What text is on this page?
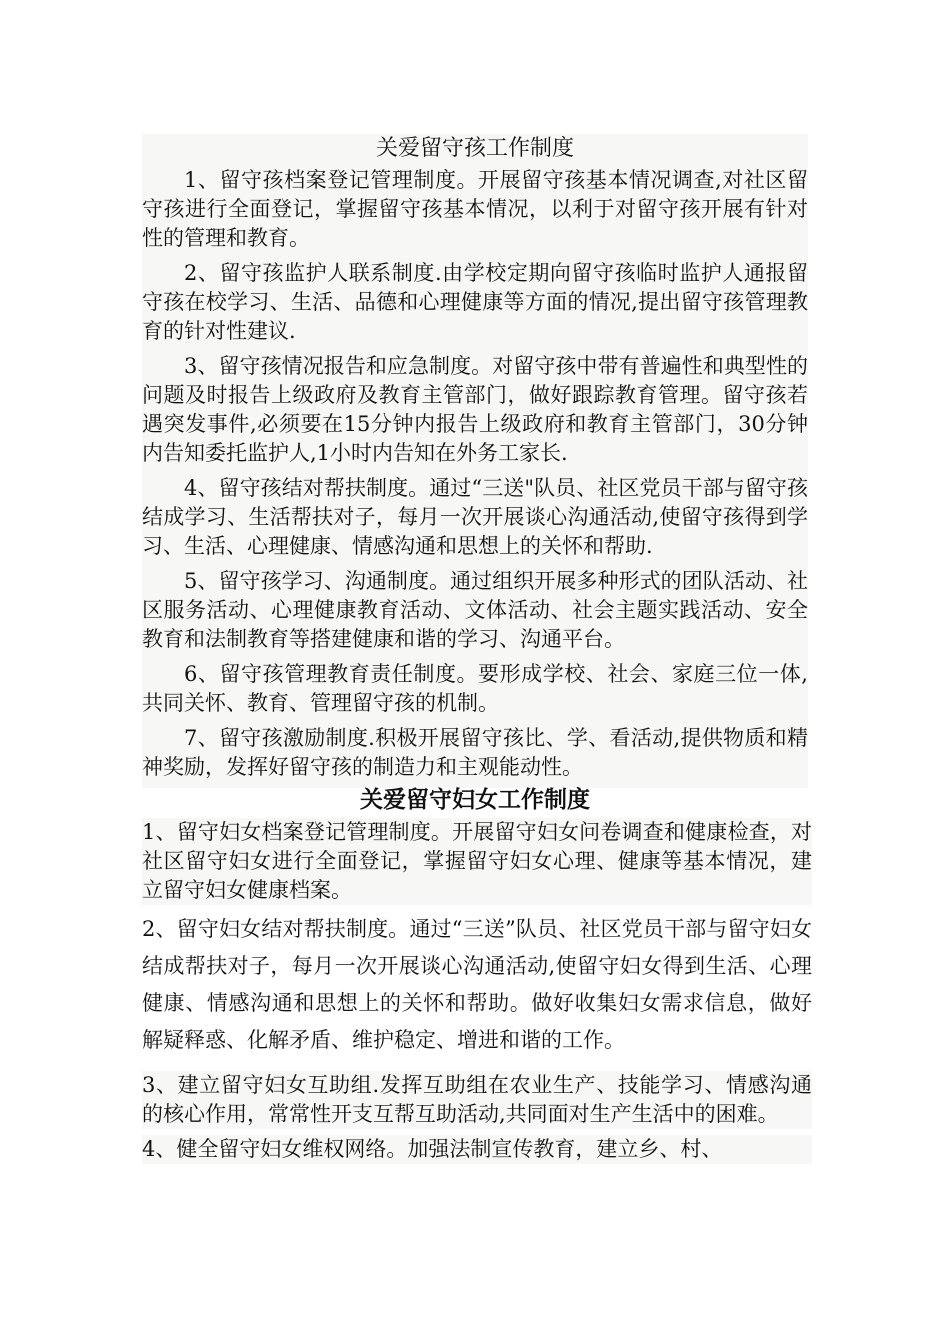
关爱留守孩工作制度

1、留守孩档案登记管理制度。开展留守孩基本情况调查,对社区留守孩进行全面登记，掌握留守孩基本情况，以利于对留守孩开展有针对性的管理和教育。

2、留守孩监护人联系制度.由学校定期向留守孩临时监护人通报留守孩在校学习、生活、品德和心理健康等方面的情况,提出留守孩管理教育的针对性建议.

3、留守孩情况报告和应急制度。对留守孩中带有普遍性和典型性的问题及时报告上级政府及教育主管部门，做好跟踪教育管理。留守孩若遇突发事件,必须要在15分钟内报告上级政府和教育主管部门，30分钟内告知委托监护人,1小时内告知在外务工家长.

4、留守孩结对帮扶制度。通过“三送"队员、社区党员干部与留守孩结成学习、生活帮扶对子，每月一次开展谈心沟通活动,使留守孩得到学习、生活、心理健康、情感沟通和思想上的关怀和帮助.

5、留守孩学习、沟通制度。通过组织开展多种形式的团队活动、社区服务活动、心理健康教育活动、文体活动、社会主题实践活动、安全教育和法制教育等搭建健康和谐的学习、沟通平台。

6、留守孩管理教育责任制度。要形成学校、社会、家庭三位一体,共同关怀、教育、管理留守孩的机制。

7、留守孩激励制度.积极开展留守孩比、学、看活动,提供物质和精神奖励，发挥好留守孩的制造力和主观能动性。

关爱留守妇女工作制度

1、留守妇女档案登记管理制度。开展留守妇女问卷调查和健康检查，对社区留守妇女进行全面登记，掌握留守妇女心理、健康等基本情况，建立留守妇女健康档案。

2、留守妇女结对帮扶制度。通过“三送”队员、社区党员干部与留守妇女结成帮扶对子，每月一次开展谈心沟通活动,使留守妇女得到生活、心理健康、情感沟通和思想上的关怀和帮助。做好收集妇女需求信息，做好解疑释惑、化解矛盾、维护稳定、增进和谐的工作。

3、建立留守妇女互助组.发挥互助组在农业生产、技能学习、情感沟通的核心作用，常常性开支互帮互助活动,共同面对生产生活中的困难。

4、健全留守妇女维权网络。加强法制宣传教育，建立乡、村、
